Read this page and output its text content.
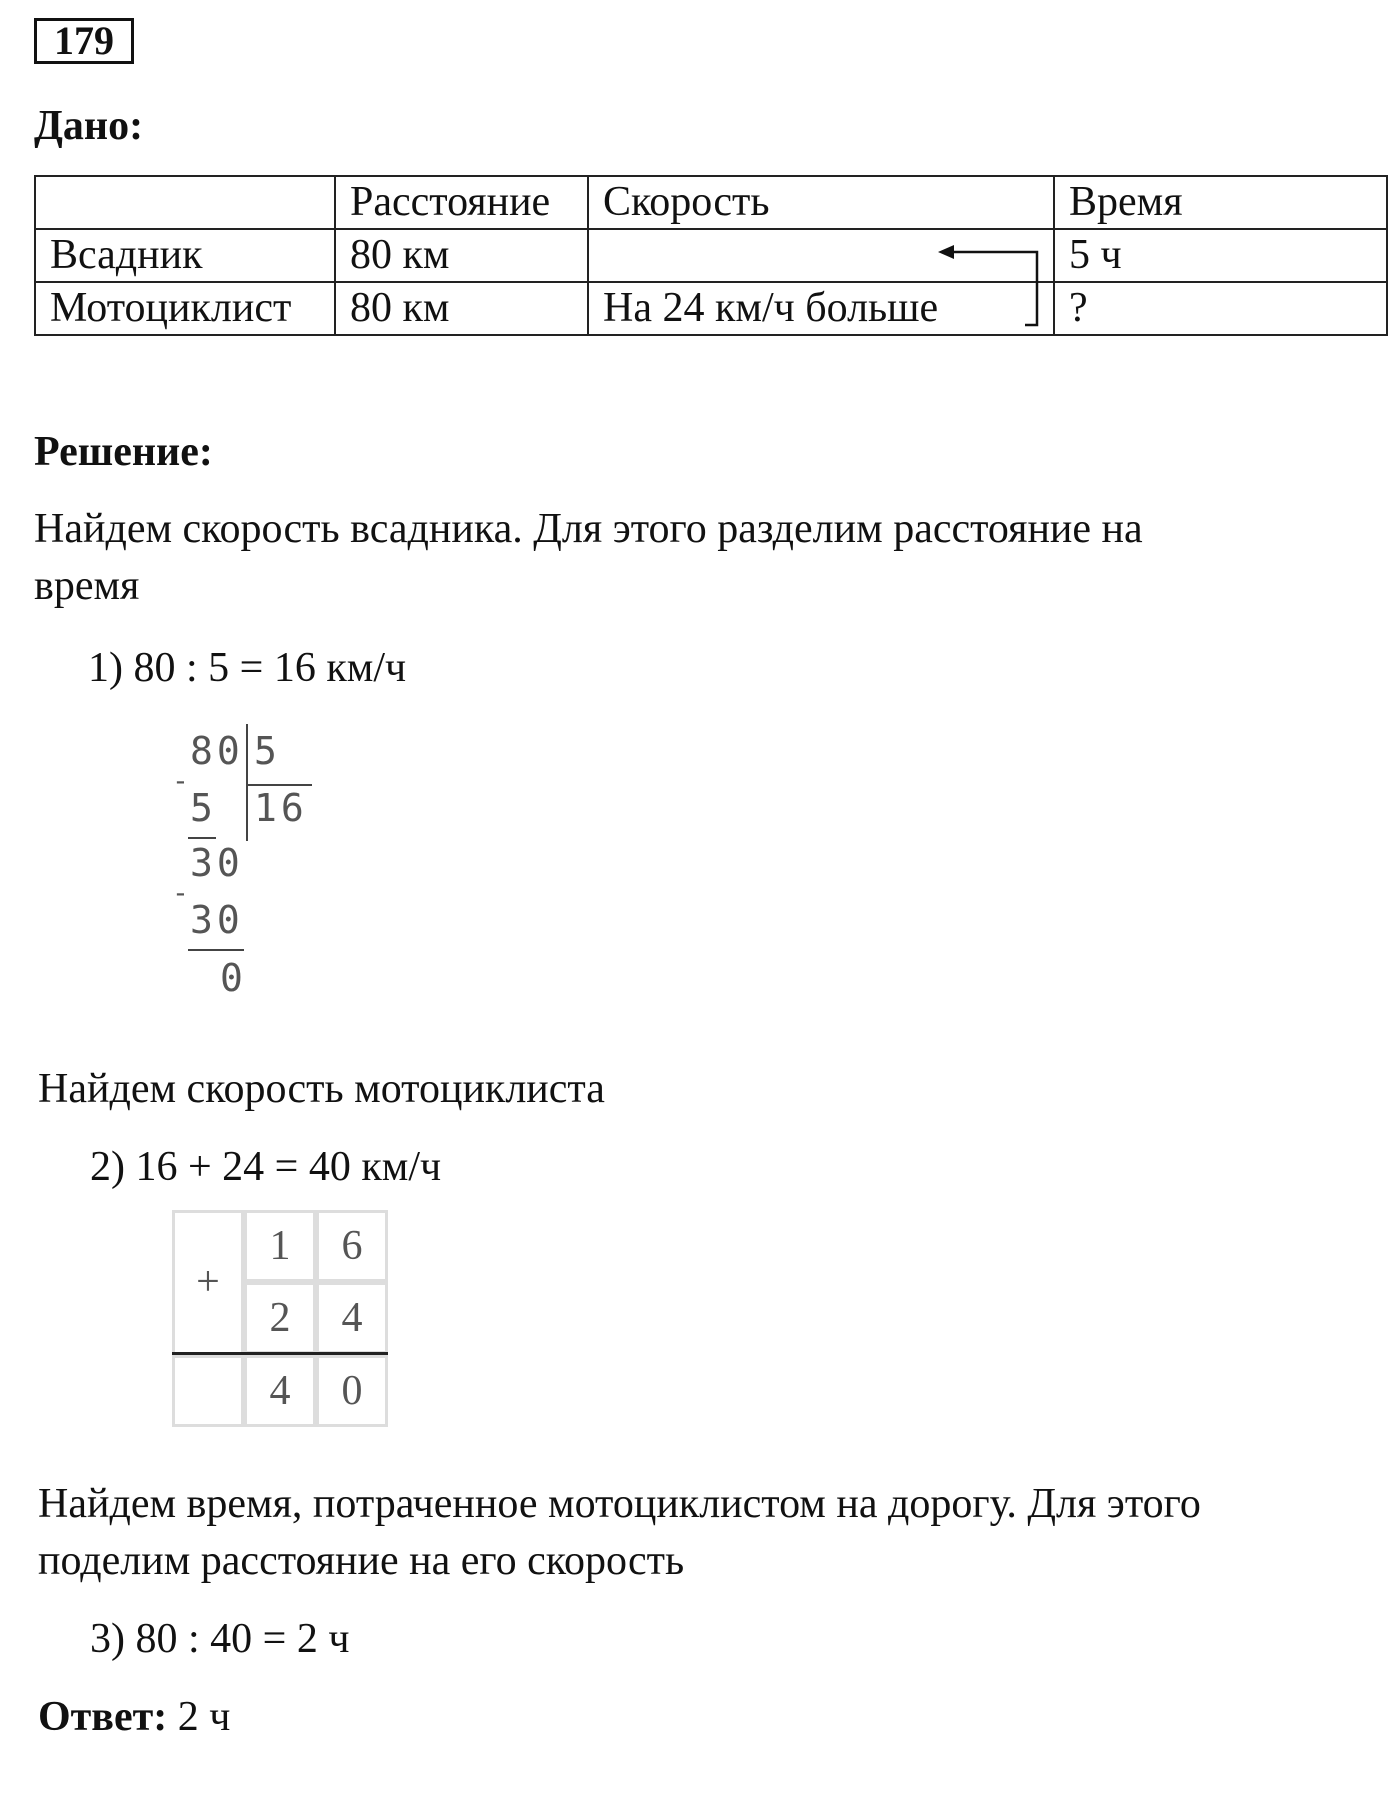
179
Дано:
	Расстояние	Скорость	Время
Всадник	80 км		5 ч
Мотоциклист	80 км	На 24 км/ч больше	?
Решение:
Найдем скорость всадника. Для этого разделим расстояние на
время
1) 80 : 5 = 16 км/ч
80 5
16
-
5
30
-
30
0
Найдем скорость мотоциклиста
2) 16 + 24 = 40 км/ч
+
1	6
2	4
4	0
Найдем время, потраченное мотоциклистом на дорогу. Для этого
поделим расстояние на его скорость
3) 80 : 40 = 2 ч
Ответ: 2 ч
